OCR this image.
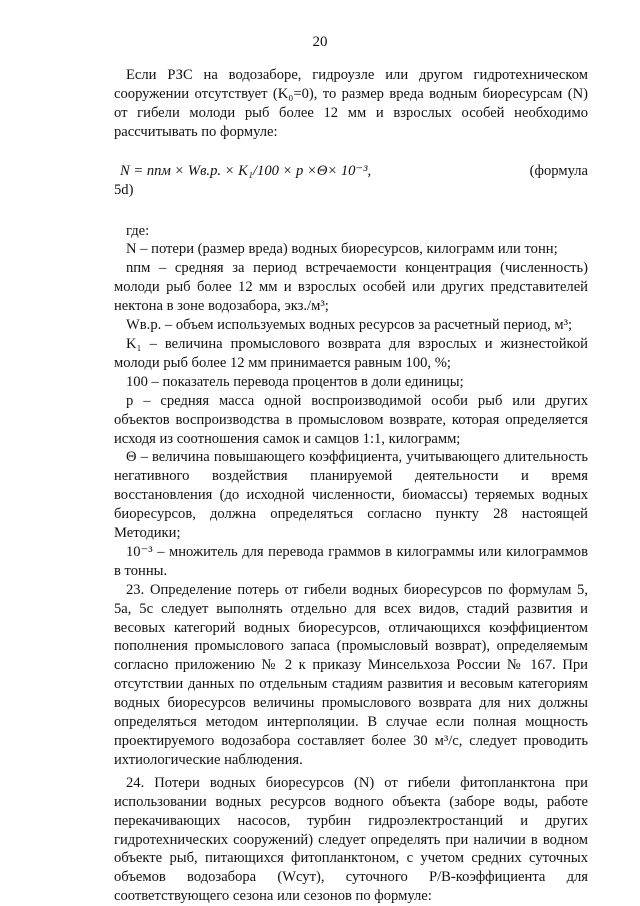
20

Если РЗС на водозаборе, гидроузле или другом гидротехническом сооружении отсутствует (K₀=0), то размер вреда водным биоресурсам (N) от гибели молоди рыб более 12 мм и взрослых особей необходимо рассчитывать по формуле:

N = nпм × Wв.р. × K₁/100 × p ×Θ× 10⁻³,	(формула

5d)

где:

N – потери (размер вреда) водных биоресурсов, килограмм или тонн;

nпм – средняя за период встречаемости концентрация (численность) молоди рыб более 12 мм и взрослых особей или других представителей нектона в зоне водозабора, экз./м³;

Wв.р. – объем используемых водных ресурсов за расчетный период, м³;

K₁ – величина промыслового возврата для взрослых и жизнестойкой молоди рыб более 12 мм принимается равным 100, %;

100 – показатель перевода процентов в доли единицы;

p – средняя масса одной воспроизводимой особи рыб или других объектов воспроизводства в промысловом возврате, которая определяется исходя из соотношения самок и самцов 1:1, килограмм;

Θ – величина повышающего коэффициента, учитывающего длительность негативного воздействия планируемой деятельности и время восстановления (до исходной численности, биомассы) теряемых водных биоресурсов, должна определяться согласно пункту 28 настоящей Методики;

10⁻³ – множитель для перевода граммов в килограммы или килограммов в тонны.

23. Определение потерь от гибели водных биоресурсов по формулам 5, 5а, 5с следует выполнять отдельно для всех видов, стадий развития и весовых категорий водных биоресурсов, отличающихся коэффициентом пополнения промыслового запаса (промысловый возврат), определяемым согласно приложению № 2 к приказу Минсельхоза России № 167. При отсутствии данных по отдельным стадиям развития и весовым категориям водных биоресурсов величины промыслового возврата для них должны определяться методом интерполяции. В случае если полная мощность проектируемого водозабора составляет более 30 м³/с, следует проводить ихтиологические наблюдения.

24. Потери водных биоресурсов (N) от гибели фитопланктона при использовании водных ресурсов водного объекта (заборе воды, работе перекачивающих насосов, турбин гидроэлектростанций и других гидротехнических сооружений) следует определять при наличии в водном объекте рыб, питающихся фитопланктоном, с учетом средних суточных объемов водозабора (Wсут), суточного Р/В-коэффициента для соответствующего сезона или сезонов по формуле:
